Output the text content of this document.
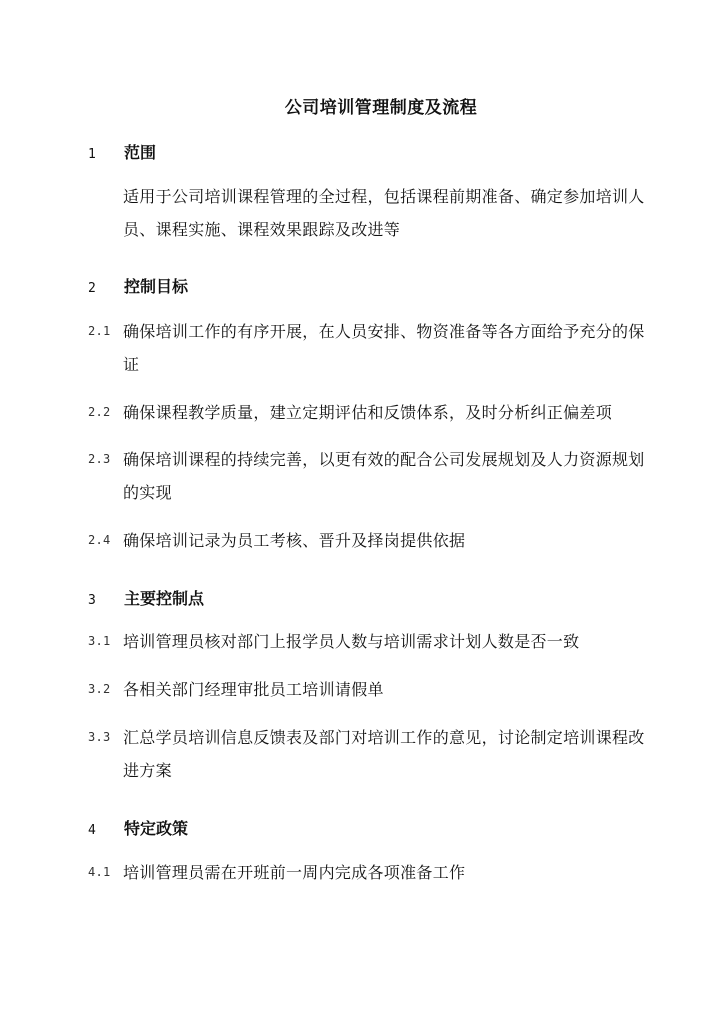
公司培训管理制度及流程
1 范围
适用于公司培训课程管理的全过程，包括课程前期准备、确定参加培训人员、课程实施、课程效果跟踪及改进等
2 控制目标
2.1 确保培训工作的有序开展，在人员安排、物资准备等各方面给予充分的保证
2.2 确保课程教学质量，建立定期评估和反馈体系，及时分析纠正偏差项
2.3 确保培训课程的持续完善，以更有效的配合公司发展规划及人力资源规划的实现
2.4 确保培训记录为员工考核、晋升及择岗提供依据
3 主要控制点
3.1 培训管理员核对部门上报学员人数与培训需求计划人数是否一致
3.2 各相关部门经理审批员工培训请假单
3.3 汇总学员培训信息反馈表及部门对培训工作的意见，讨论制定培训课程改进方案
4 特定政策
4.1 培训管理员需在开班前一周内完成各项准备工作
